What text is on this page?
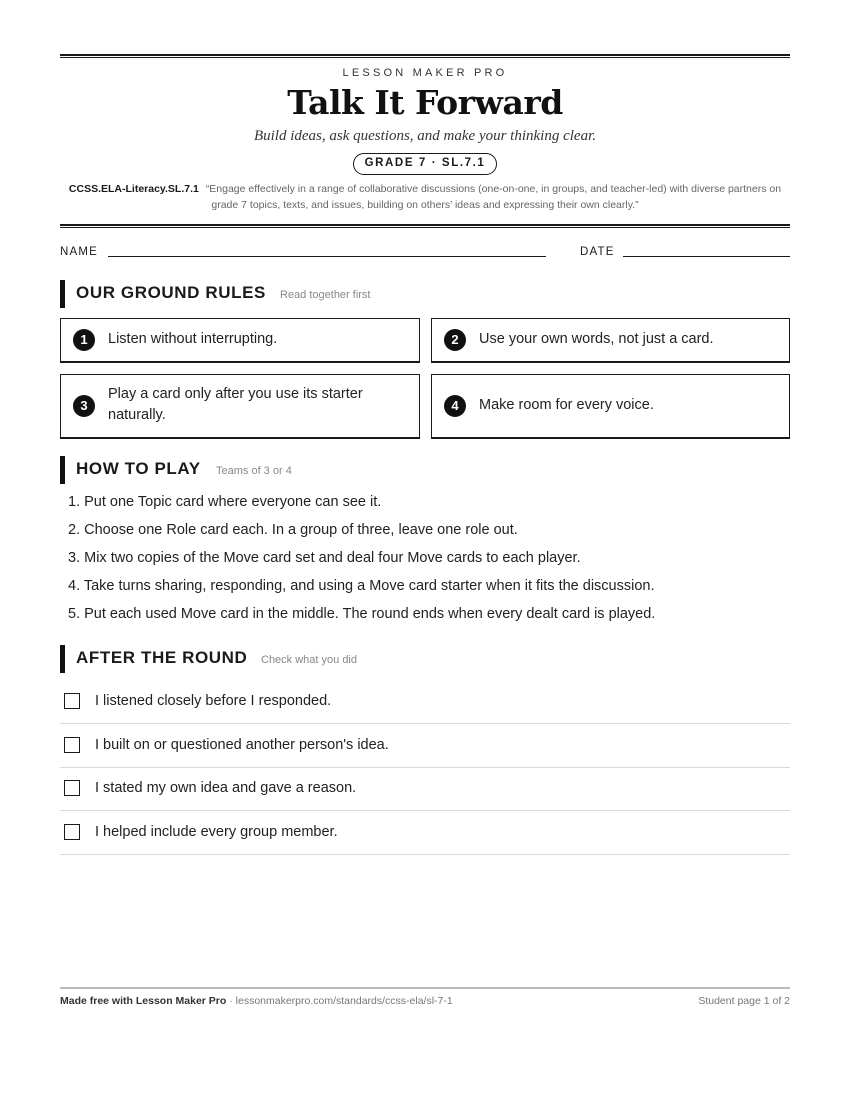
LESSON MAKER PRO
Talk It Forward
Build ideas, ask questions, and make your thinking clear.
GRADE 7 · SL.7.1
CCSS.ELA-Literacy.SL.7.1 “Engage effectively in a range of collaborative discussions (one-on-one, in groups, and teacher-led) with diverse partners on grade 7 topics, texts, and issues, building on others’ ideas and expressing their own clearly.”
NAME	DATE
OUR GROUND RULES Read together first
1	Listen without interrupting.	2	Use your own words, not just a card.
3
Play a card only after you use its starter naturally.
4	Make room for every voice.
HOW TO PLAY Teams of 3 or 4
1. Put one Topic card where everyone can see it.
2. Choose one Role card each. In a group of three, leave one role out.
3. Mix two copies of the Move card set and deal four Move cards to each player.
4. Take turns sharing, responding, and using a Move card starter when it fits the discussion.
5. Put each used Move card in the middle. The round ends when every dealt card is played.
AFTER THE ROUND Check what you did
I listened closely before I responded.
I built on or questioned another person's idea.
I stated my own idea and gave a reason.
I helped include every group member.
Made free with Lesson Maker Pro · lessonmakerpro.com/standards/ccss-ela/sl-7-1	Student page 1 of 2
